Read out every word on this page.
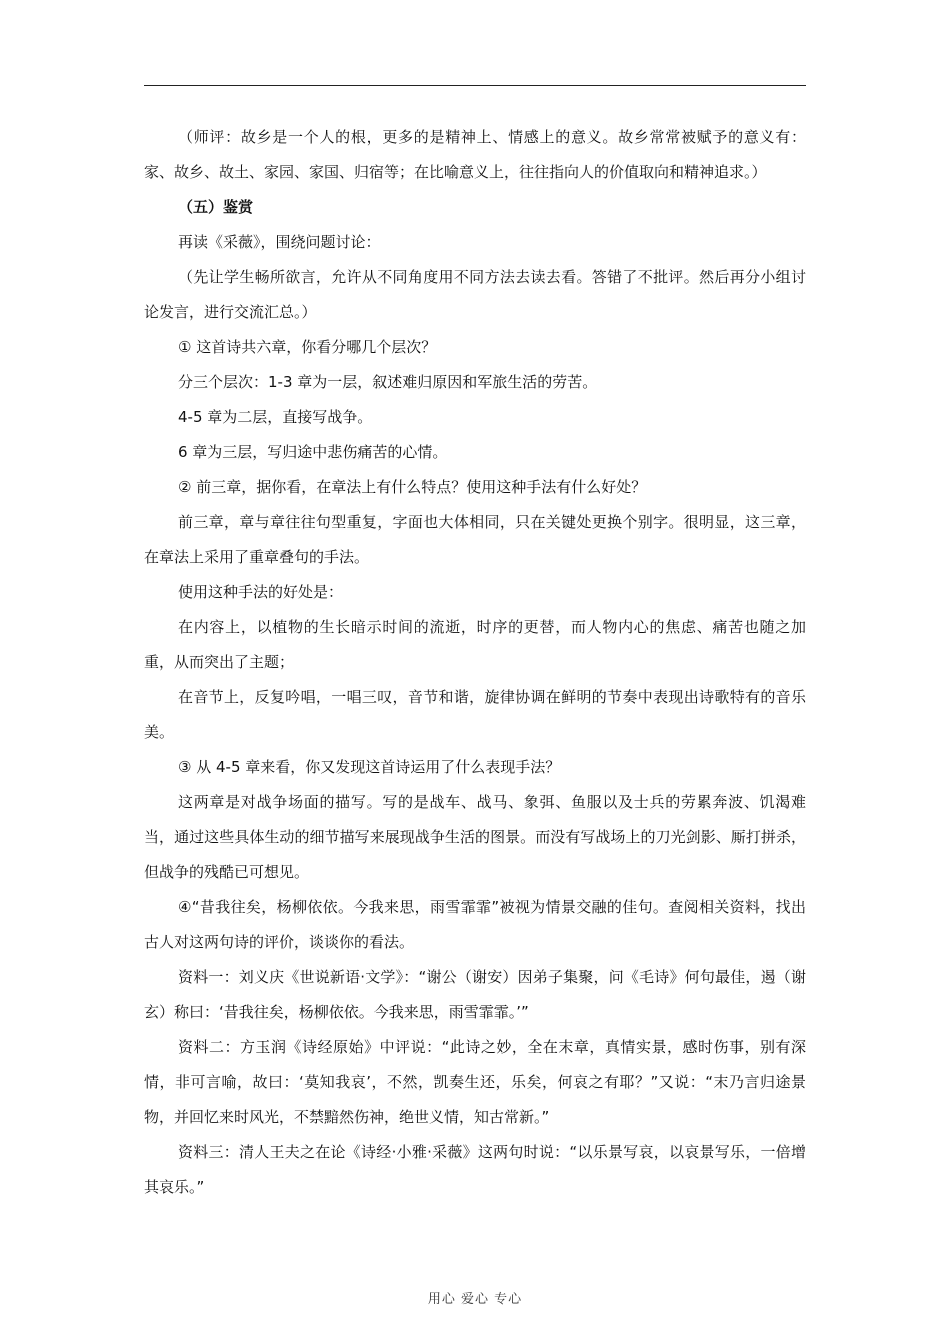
（师评：故乡是一个人的根，更多的是精神上、情感上的意义。故乡常常被赋予的意义有：家、故乡、故土、家园、家国、归宿等；在比喻意义上，往往指向人的价值取向和精神追求。）

（五）鉴赏

再读《采薇》，围绕问题讨论：

（先让学生畅所欲言，允许从不同角度用不同方法去读去看。答错了不批评。然后再分小组讨论发言，进行交流汇总。）

① 这首诗共六章，你看分哪几个层次？

分三个层次：1-3 章为一层，叙述难归原因和军旅生活的劳苦。

4-5 章为二层，直接写战争。

6 章为三层，写归途中悲伤痛苦的心情。

② 前三章，据你看，在章法上有什么特点？使用这种手法有什么好处？

前三章，章与章往往句型重复，字面也大体相同，只在关键处更换个别字。很明显，这三章，在章法上采用了重章叠句的手法。

使用这种手法的好处是：

在内容上，以植物的生长暗示时间的流逝，时序的更替，而人物内心的焦虑、痛苦也随之加重，从而突出了主题；

在音节上，反复吟唱，一唱三叹，音节和谐，旋律协调在鲜明的节奏中表现出诗歌特有的音乐美。

③ 从 4-5 章来看，你又发现这首诗运用了什么表现手法？

这两章是对战争场面的描写。写的是战车、战马、象弭、鱼服以及士兵的劳累奔波、饥渴难当，通过这些具体生动的细节描写来展现战争生活的图景。而没有写战场上的刀光剑影、厮打拼杀，但战争的残酷已可想见。

④“昔我往矣，杨柳依依。今我来思，雨雪霏霏”被视为情景交融的佳句。查阅相关资料，找出古人对这两句诗的评价，谈谈你的看法。

资料一：刘义庆《世说新语·文学》：“谢公（谢安）因弟子集聚，问《毛诗》何句最佳，遏（谢玄）称曰：‘昔我往矣，杨柳依依。今我来思，雨雪霏霏。’”

资料二：方玉润《诗经原始》中评说：“此诗之妙，全在末章，真情实景，感时伤事，别有深情，非可言喻，故曰：‘莫知我哀’，不然，凯奏生还，乐矣，何哀之有耶？”又说：“末乃言归途景物，并回忆来时风光，不禁黯然伤神，绝世义情，知古常新。”

资料三：清人王夫之在论《诗经·小雅·采薇》这两句时说：“以乐景写哀，以哀景写乐，一倍增其哀乐。”

用心 爱心 专心
